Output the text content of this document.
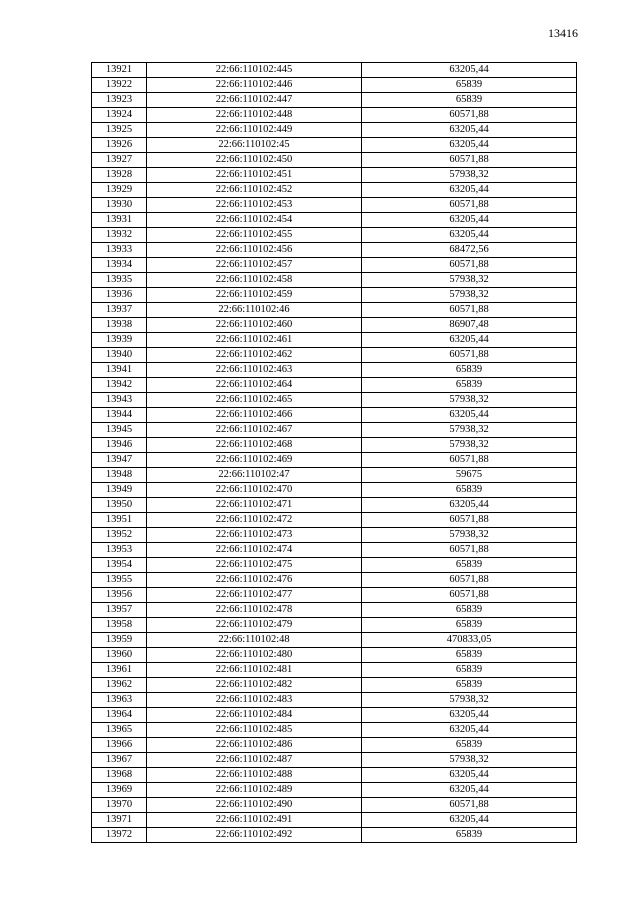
13416
13921	22:66:110102:445	63205,44
13922	22:66:110102:446	65839
13923	22:66:110102:447	65839
13924	22:66:110102:448	60571,88
13925	22:66:110102:449	63205,44
13926	22:66:110102:45	63205,44
13927	22:66:110102:450	60571,88
13928	22:66:110102:451	57938,32
13929	22:66:110102:452	63205,44
13930	22:66:110102:453	60571,88
13931	22:66:110102:454	63205,44
13932	22:66:110102:455	63205,44
13933	22:66:110102:456	68472,56
13934	22:66:110102:457	60571,88
13935	22:66:110102:458	57938,32
13936	22:66:110102:459	57938,32
13937	22:66:110102:46	60571,88
13938	22:66:110102:460	86907,48
13939	22:66:110102:461	63205,44
13940	22:66:110102:462	60571,88
13941	22:66:110102:463	65839
13942	22:66:110102:464	65839
13943	22:66:110102:465	57938,32
13944	22:66:110102:466	63205,44
13945	22:66:110102:467	57938,32
13946	22:66:110102:468	57938,32
13947	22:66:110102:469	60571,88
13948	22:66:110102:47	59675
13949	22:66:110102:470	65839
13950	22:66:110102:471	63205,44
13951	22:66:110102:472	60571,88
13952	22:66:110102:473	57938,32
13953	22:66:110102:474	60571,88
13954	22:66:110102:475	65839
13955	22:66:110102:476	60571,88
13956	22:66:110102:477	60571,88
13957	22:66:110102:478	65839
13958	22:66:110102:479	65839
13959	22:66:110102:48	470833,05
13960	22:66:110102:480	65839
13961	22:66:110102:481	65839
13962	22:66:110102:482	65839
13963	22:66:110102:483	57938,32
13964	22:66:110102:484	63205,44
13965	22:66:110102:485	63205,44
13966	22:66:110102:486	65839
13967	22:66:110102:487	57938,32
13968	22:66:110102:488	63205,44
13969	22:66:110102:489	63205,44
13970	22:66:110102:490	60571,88
13971	22:66:110102:491	63205,44
13972	22:66:110102:492	65839
